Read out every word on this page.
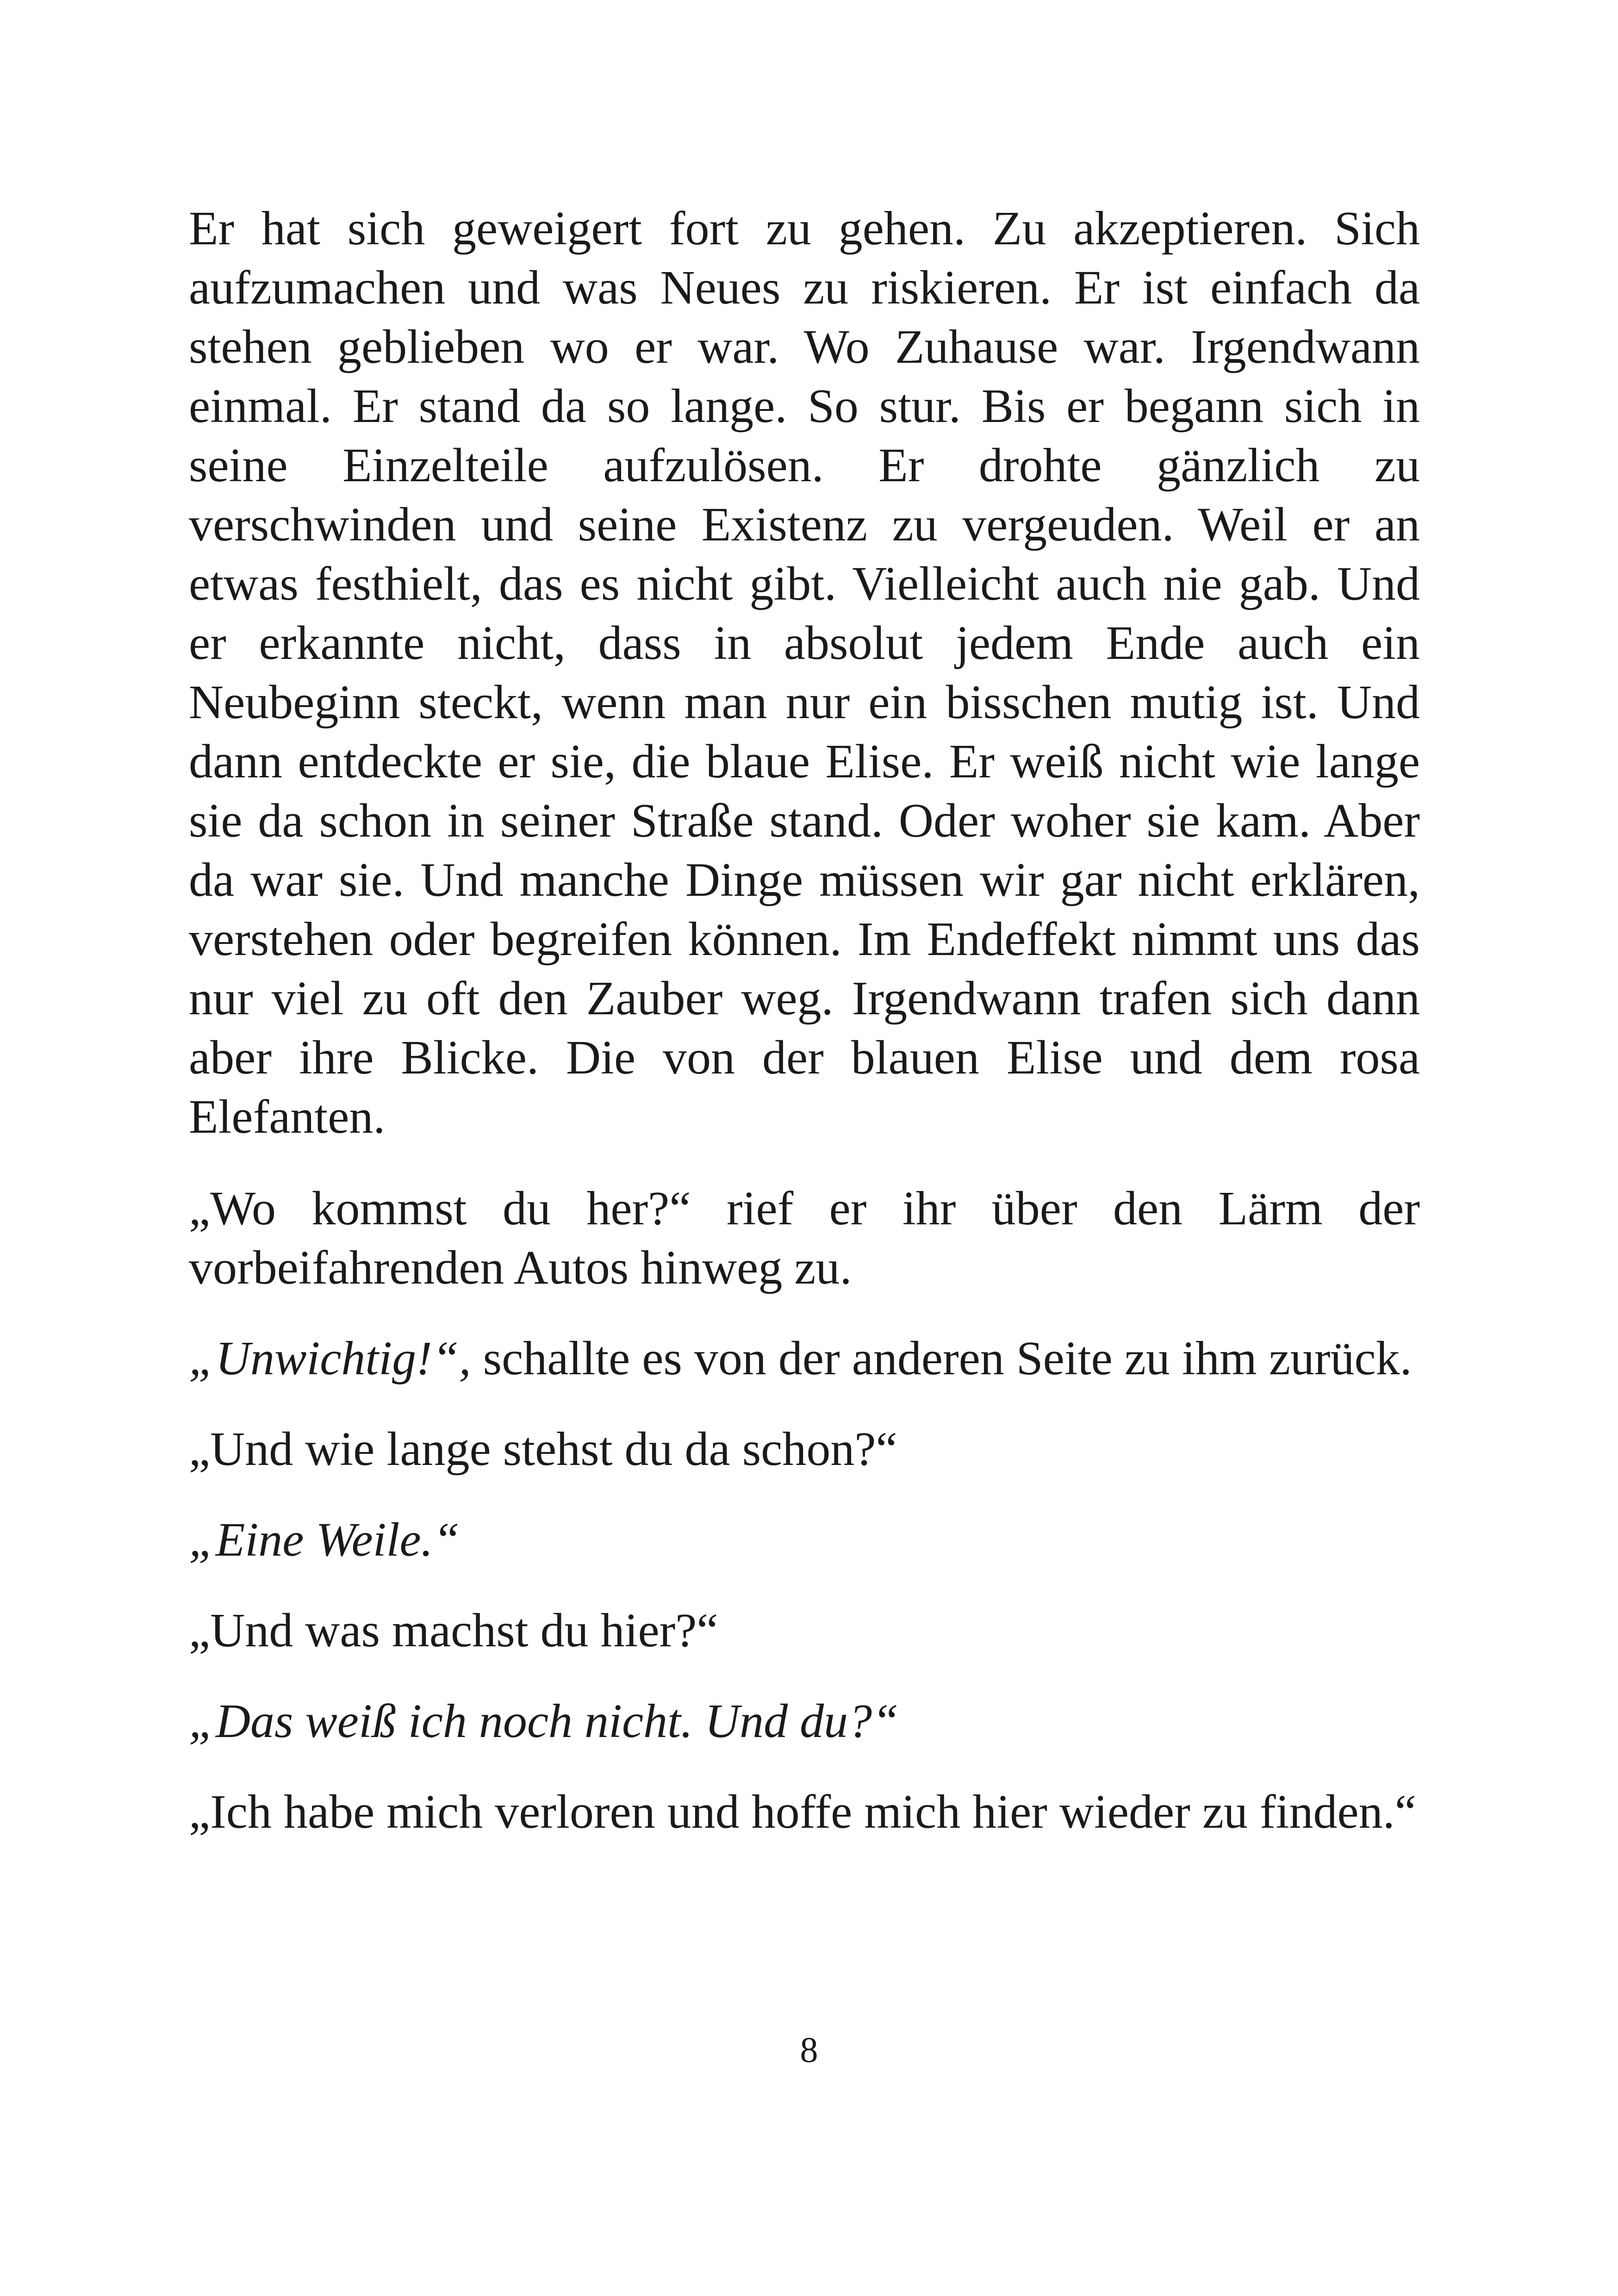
Er hat sich geweigert fort zu gehen. Zu akzeptieren. Sich aufzumachen und was Neues zu riskieren. Er ist einfach da stehen geblieben wo er war. Wo Zuhause war. Irgendwann einmal. Er stand da so lange. So stur. Bis er begann sich in seine Einzelteile aufzulösen. Er drohte gänzlich zu verschwinden und seine Existenz zu vergeuden. Weil er an etwas festhielt, das es nicht gibt. Vielleicht auch nie gab. Und er erkannte nicht, dass in absolut jedem Ende auch ein Neubeginn steckt, wenn man nur ein bisschen mutig ist. Und dann entdeckte er sie, die blaue Elise. Er weiß nicht wie lange sie da schon in seiner Straße stand. Oder woher sie kam. Aber da war sie. Und manche Dinge müssen wir gar nicht erklären, verstehen oder begreifen können. Im Endeffekt nimmt uns das nur viel zu oft den Zauber weg. Irgendwann trafen sich dann aber ihre Blicke. Die von der blauen Elise und dem rosa Elefanten.

„Wo kommst du her?“ rief er ihr über den Lärm der vorbeifahrenden Autos hinweg zu.

„Unwichtig!“, schallte es von der anderen Seite zu ihm zurück.

„Und wie lange stehst du da schon?“

„Eine Weile.“

„Und was machst du hier?“

„Das weiß ich noch nicht. Und du?“

„Ich habe mich verloren und hoffe mich hier wieder zu finden.“

8
